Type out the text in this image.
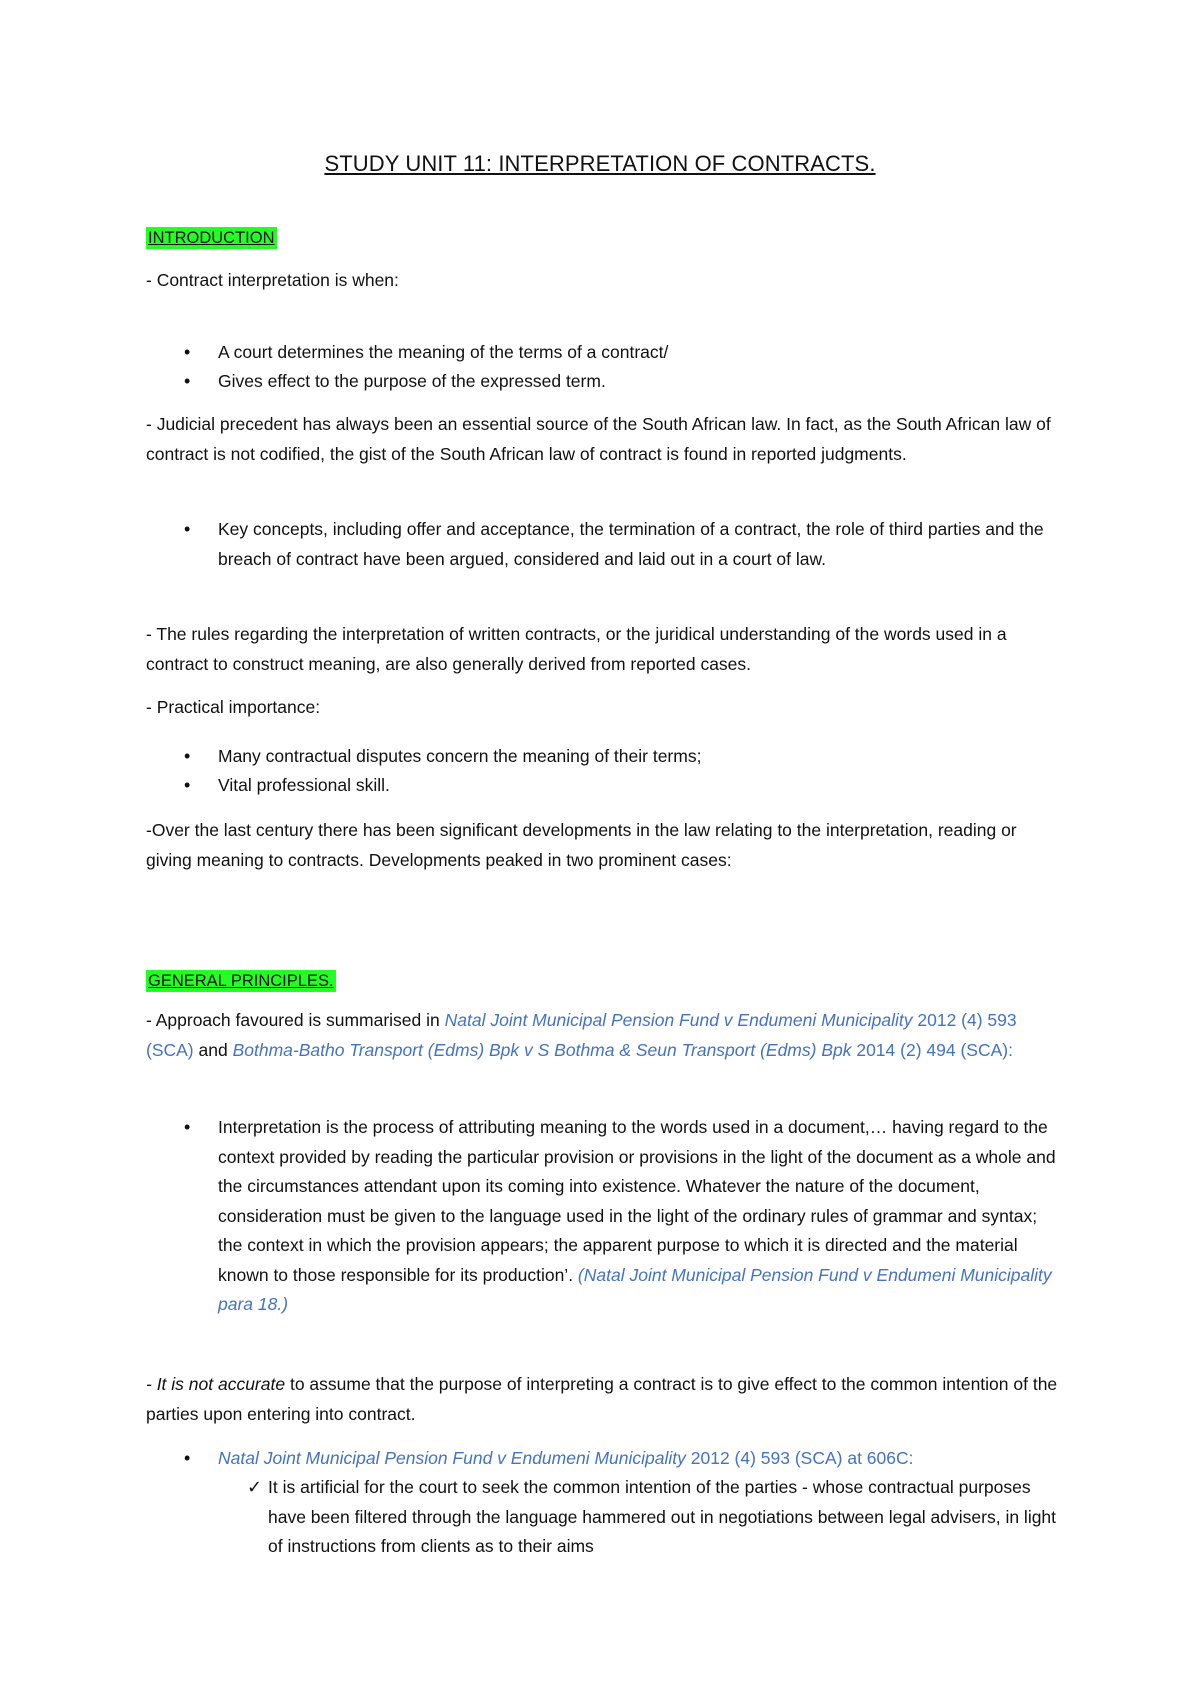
STUDY UNIT 11: INTERPRETATION OF CONTRACTS.
INTRODUCTION

- Contract interpretation is when:

• A court determines the meaning of the terms of a contract/

• Gives effect to the purpose of the expressed term.

- Judicial precedent has always been an essential source of the South African law. In fact, as the South African law of contract is not codified, the gist of the South African law of contract is found in reported judgments.

• Key concepts, including offer and acceptance, the termination of a contract, the role of third parties and the breach of contract have been argued, considered and laid out in a court of law.

- The rules regarding the interpretation of written contracts, or the juridical understanding of the words used in a contract to construct meaning, are also generally derived from reported cases.

- Practical importance:

• Many contractual disputes concern the meaning of their terms;

• Vital professional skill.

-Over the last century there has been significant developments in the law relating to the interpretation, reading or giving meaning to contracts. Developments peaked in two prominent cases:

GENERAL PRINCIPLES.

- Approach favoured is summarised in Natal Joint Municipal Pension Fund v Endumeni Municipality 2012 (4) 593 (SCA) and Bothma-Batho Transport (Edms) Bpk v S Bothma & Seun Transport (Edms) Bpk 2014 (2) 494 (SCA):

• Interpretation is the process of attributing meaning to the words used in a document,… having regard to the context provided by reading the particular provision or provisions in the light of the document as a whole and the circumstances attendant upon its coming into existence. Whatever the nature of the document, consideration must be given to the language used in the light of the ordinary rules of grammar and syntax; the context in which the provision appears; the apparent purpose to which it is directed and the material known to those responsible for its production’. (Natal Joint Municipal Pension Fund v Endumeni Municipality para 18.)

- It is not accurate to assume that the purpose of interpreting a contract is to give effect to the common intention of the parties upon entering into contract.

• Natal Joint Municipal Pension Fund v Endumeni Municipality 2012 (4) 593 (SCA) at 606C:

✓ It is artificial for the court to seek the common intention of the parties - whose contractual purposes have been filtered through the language hammered out in negotiations between legal advisers, in light of instructions from clients as to their aims
